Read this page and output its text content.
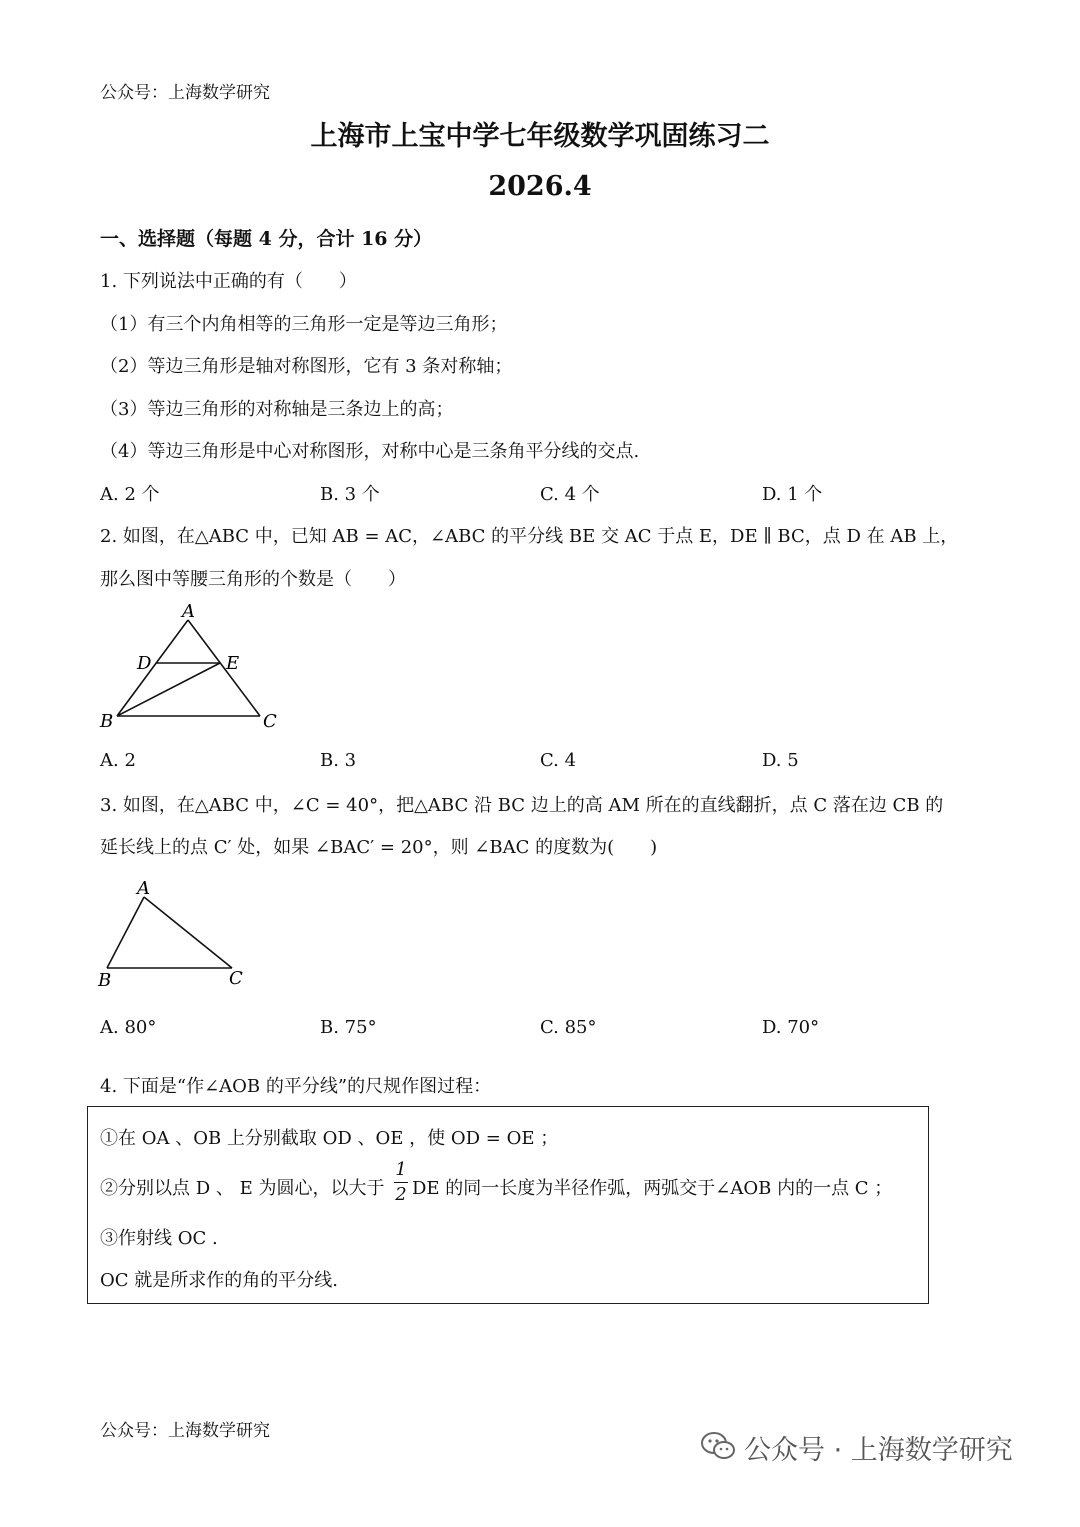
公众号：上海数学研究
上海市上宝中学七年级数学巩固练习二
2026.4
一、选择题（每题 4 分，合计 16 分）
1. 下列说法中正确的有（　　）
（1）有三个内角相等的三角形一定是等边三角形；
（2）等边三角形是轴对称图形，它有 3 条对称轴；
（3）等边三角形的对称轴是三条边上的高；
（4）等边三角形是中心对称图形，对称中心是三条角平分线的交点.
A. 2 个	B. 3 个	C. 4 个	D. 1 个
2. 如图，在△ABC 中，已知 AB = AC，∠ABC 的平分线 BE 交 AC 于点 E，DE ∥ BC，点 D 在 AB 上，
那么图中等腰三角形的个数是（　　）
A
D	E
B	C
A. 2	B. 3	C. 4	D. 5
3. 如图，在△ABC 中，∠C = 40°，把△ABC 沿 BC 边上的高 AM 所在的直线翻折，点 C 落在边 CB 的
延长线上的点 C′ 处，如果 ∠BAC′ = 20°，则 ∠BAC 的度数为(　　)
A
B	C
A. 80°	B. 75°	C. 85°	D. 70°
4. 下面是“作∠AOB 的平分线”的尺规作图过程：
①在 OA 、OB 上分别截取 OD 、OE ，使 OD = OE ；
②分别以点 D 、 E 为圆心，以大于
1
2 DE 的同一长度为半径作弧，两弧交于∠AOB 内的一点 C ；
③作射线 OC .
OC 就是所求作的角的平分线.
公众号：上海数学研究
公众号 · 上海数学研究
